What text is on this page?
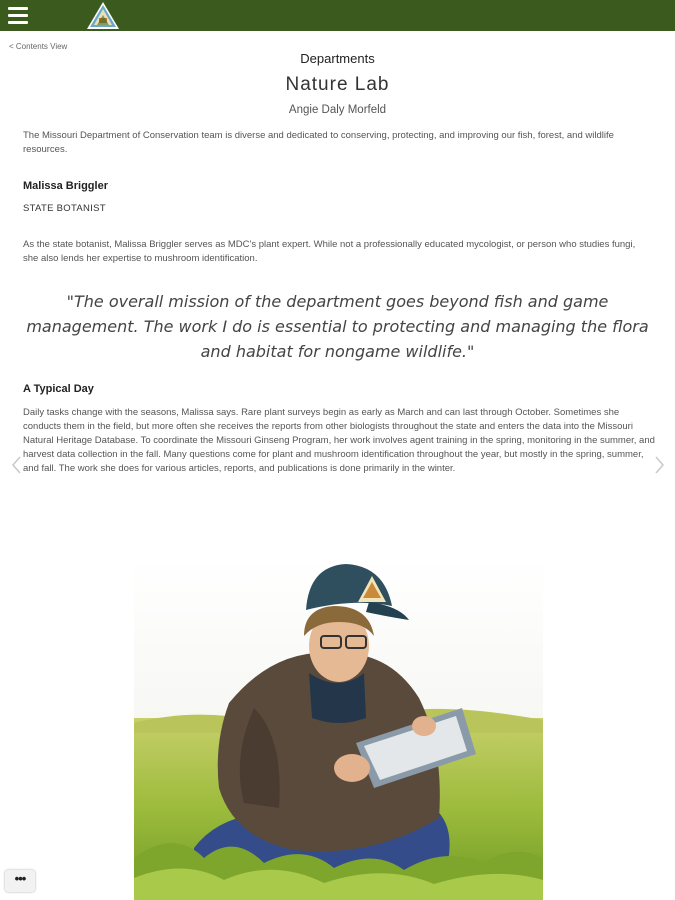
< Contents View
Departments
Nature Lab
Angie Daly Morfeld
The Missouri Department of Conservation team is diverse and dedicated to conserving, protecting, and improving our fish, forest, and wildlife resources.
Malissa Briggler
STATE BOTANIST
As the state botanist, Malissa Briggler serves as MDC's plant expert. While not a professionally educated mycologist, or person who studies fungi, she also lends her expertise to mushroom identification.
"The overall mission of the department goes beyond fish and game management. The work I do is essential to protecting and managing the flora and habitat for nongame wildlife."
A Typical Day
Daily tasks change with the seasons, Malissa says. Rare plant surveys begin as early as March and can last through October. Sometimes she conducts them in the field, but more often she receives the reports from other biologists throughout the state and enters the data into the Missouri Natural Heritage Database. To coordinate the Missouri Ginseng Program, her work involves agent training in the spring, monitoring in the summer, and harvest data collection in the fall. Many questions come for plant and mushroom identification throughout the year, but mostly in the spring, summer, and fall. The work she does for various articles, reports, and publications is done primarily in the winter.
•••
